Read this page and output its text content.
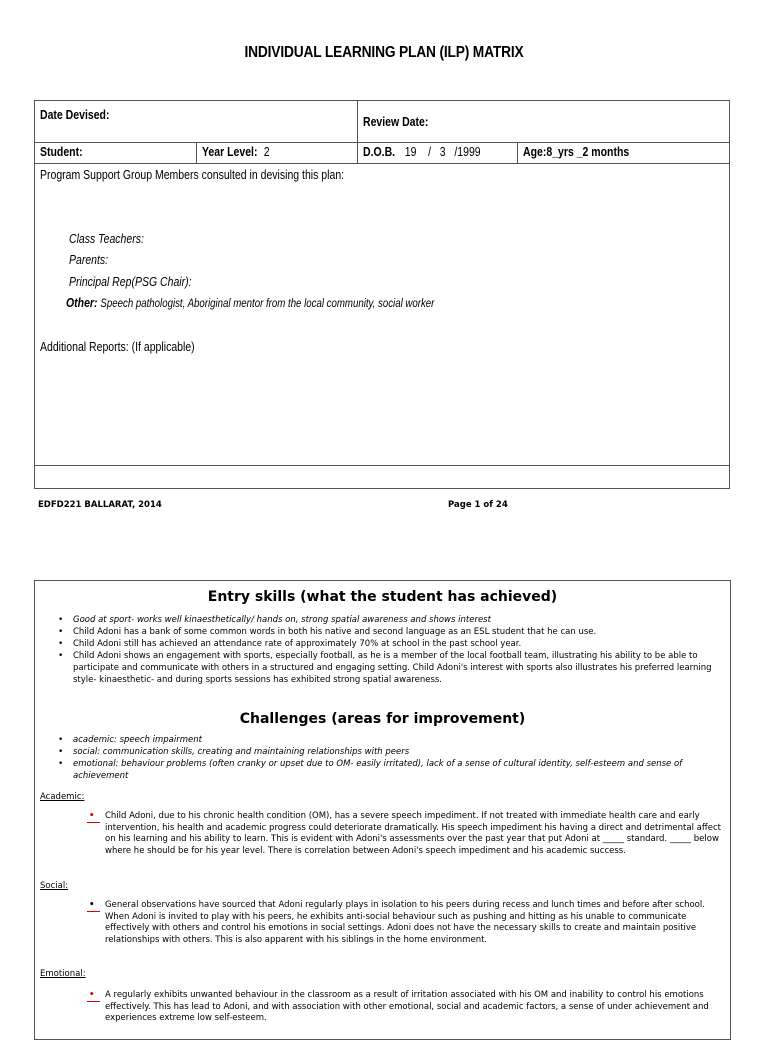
INDIVIDUAL LEARNING PLAN (ILP) MATRIX
Date Devised:	Review Date:
Student:	Year Level: 2	D.O.B. 19    /   3   /1999	Age:8_yrs _2 months
Program Support Group Members consulted in devising this plan:
Class Teachers:
Parents:
Principal Rep(PSG Chair):
Other: Speech pathologist, Aboriginal mentor from the local community, social worker
Additional Reports: (If applicable)
EDFD221 BALLARAT, 2014	Page 1 of 24
Entry skills (what the student has achieved)
• Good at sport- works well kinaesthetically/ hands on, strong spatial awareness and shows interest
• Child Adoni has a bank of some common words in both his native and second language as an ESL student that he can use.
• Child Adoni still has achieved an attendance rate of approximately 70% at school in the past school year.
• Child Adoni shows an engagement with sports, especially football, as he is a member of the local football team, illustrating his ability to be able to participate and communicate with others in a structured and engaging setting. Child Adoni's interest with sports also illustrates his preferred learning style- kinaesthetic- and during sports sessions has exhibited strong spatial awareness.
Challenges (areas for improvement)
• academic: speech impairment
• social: communication skills, creating and maintaining relationships with peers
• emotional: behaviour problems (often cranky or upset due to OM- easily irritated), lack of a sense of cultural identity, self-esteem and sense of achievement
Academic:
• Child Adoni, due to his chronic health condition (OM), has a severe speech impediment. If not treated with immediate health care and early intervention, his health and academic progress could deteriorate dramatically. His speech impediment his having a direct and detrimental affect on his learning and his ability to learn. This is evident with Adoni's assessments over the past year that put Adoni at _____ standard. _____ below where he should be for his year level. There is correlation between Adoni's speech impediment and his academic success.
Social:
• General observations have sourced that Adoni regularly plays in isolation to his peers during recess and lunch times and before after school. When Adoni is invited to play with his peers, he exhibits anti-social behaviour such as pushing and hitting as his unable to communicate effectively with others and control his emotions in social settings. Adoni does not have the necessary skills to create and maintain positive relationships with others. This is also apparent with his siblings in the home environment.
Emotional:
• A regularly exhibits unwanted behaviour in the classroom as a result of irritation associated with his OM and inability to control his emotions effectively. This has lead to Adoni, and with association with other emotional, social and academic factors, a sense of under achievement and experiences extreme low self-esteem.
